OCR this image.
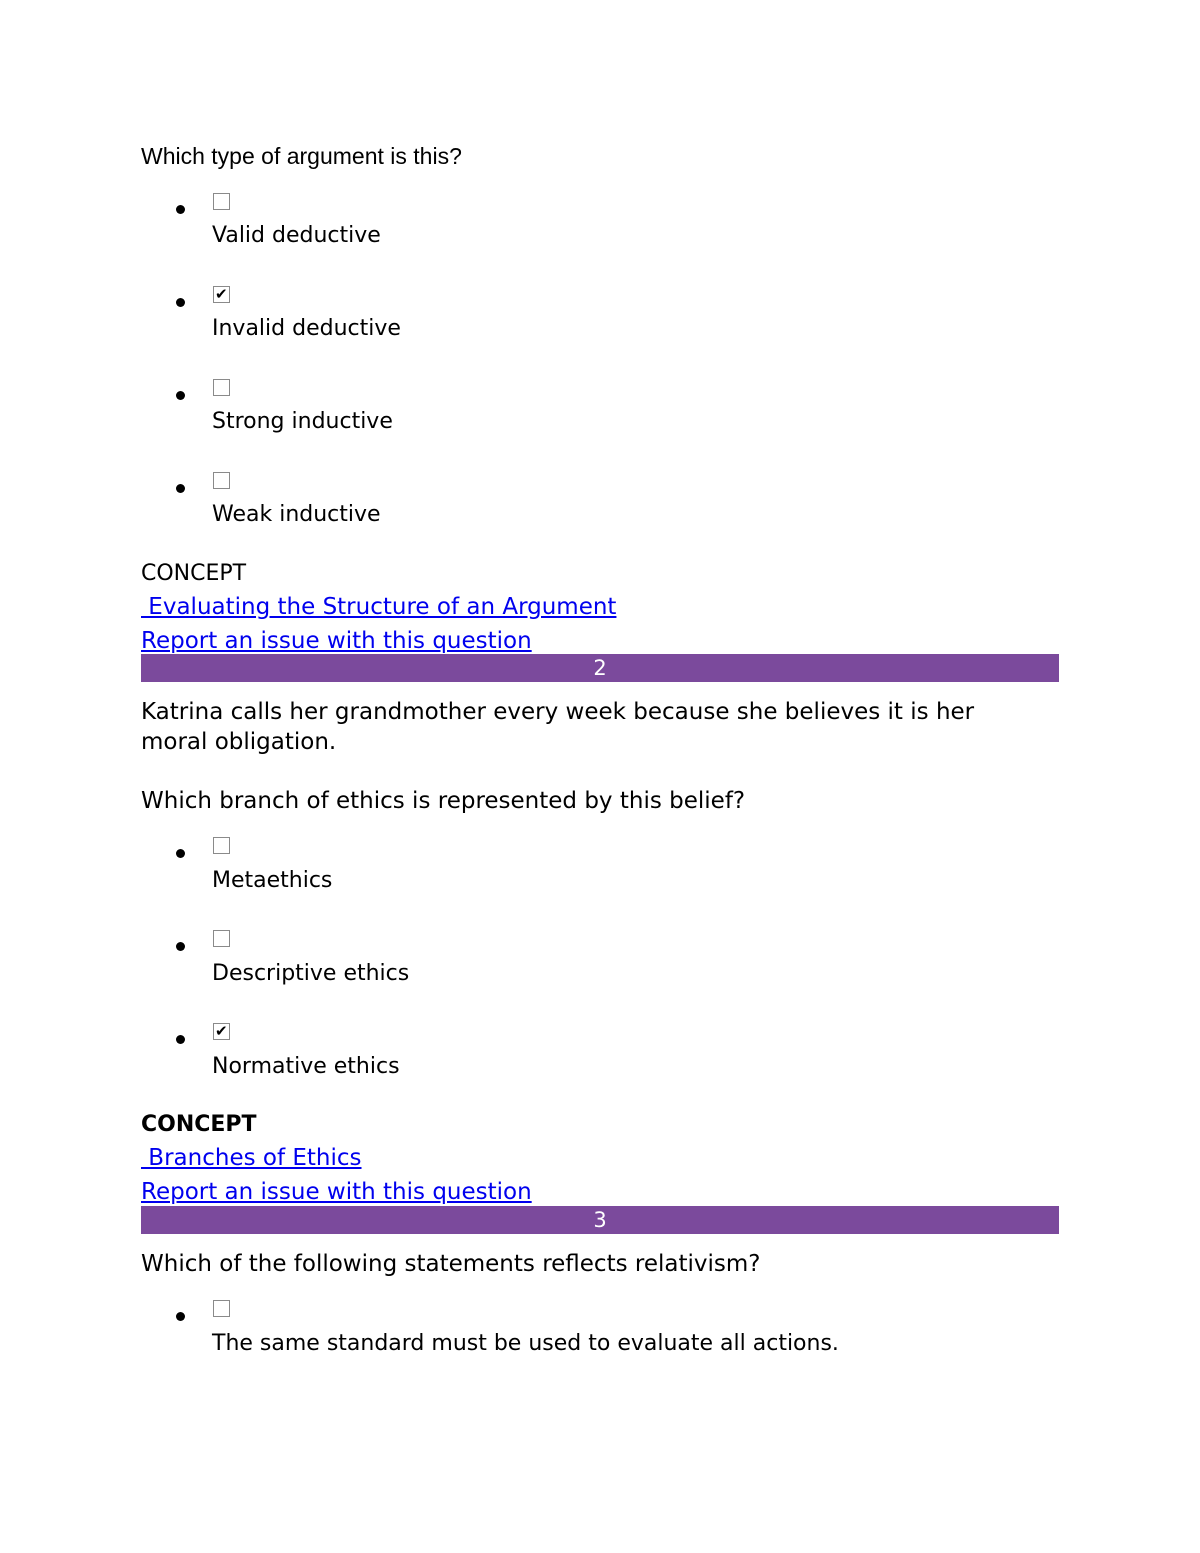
Which type of argument is this?
Valid deductive
✔
Invalid deductive
Strong inductive
Weak inductive
CONCEPT
Evaluating the Structure of an Argument
Report an issue with this question
2
Katrina calls her grandmother every week because she believes it is her moral obligation.
Which branch of ethics is represented by this belief?
Metaethics
Descriptive ethics
✔
Normative ethics
CONCEPT
Branches of Ethics
Report an issue with this question
3
Which of the following statements reflects relativism?
The same standard must be used to evaluate all actions.
